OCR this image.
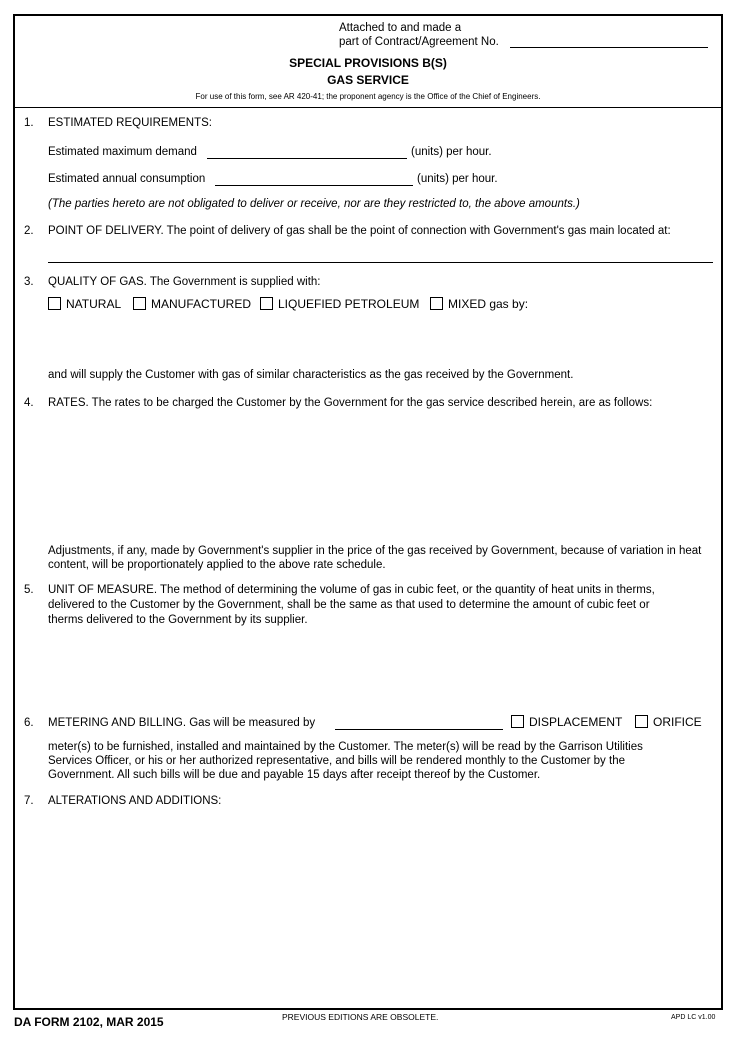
Attached to and made a
part of Contract/Agreement No.
SPECIAL PROVISIONS B(S)
GAS SERVICE
For use of this form, see AR 420-41; the proponent agency is the Office of the Chief of Engineers.
1. ESTIMATED REQUIREMENTS:
Estimated maximum demand	(units) per hour.
Estimated annual consumption	(units) per hour.
(The parties hereto are not obligated to deliver or receive, nor are they restricted to, the above amounts.)
2. POINT OF DELIVERY. The point of delivery of gas shall be the point of connection with Government's gas main located at:
3. QUALITY OF GAS. The Government is supplied with:
NATURAL	MANUFACTURED	LIQUEFIED PETROLEUM	MIXED gas by:
and will supply the Customer with gas of similar characteristics as the gas received by the Government.
4. RATES. The rates to be charged the Customer by the Government for the gas service described herein, are as follows:
Adjustments, if any, made by Government's supplier in the price of the gas received by Government, because of variation in heat content, will be proportionately applied to the above rate schedule.
5. UNIT OF MEASURE. The method of determining the volume of gas in cubic feet, or the quantity of heat units in therms,
delivered to the Customer by the Government, shall be the same as that used to determine the amount of cubic feet or
therms delivered to the Government by its supplier.
6. METERING AND BILLING. Gas will be measured by	DISPLACEMENT	ORIFICE
meter(s) to be furnished, installed and maintained by the Customer. The meter(s) will be read by the Garrison Utilities
Services Officer, or his or her authorized representative, and bills will be rendered monthly to the Customer by the
Government. All such bills will be due and payable 15 days after receipt thereof by the Customer.
7. ALTERATIONS AND ADDITIONS:
DA FORM 2102, MAR 2015	PREVIOUS EDITIONS ARE OBSOLETE.	APD LC v1.00
